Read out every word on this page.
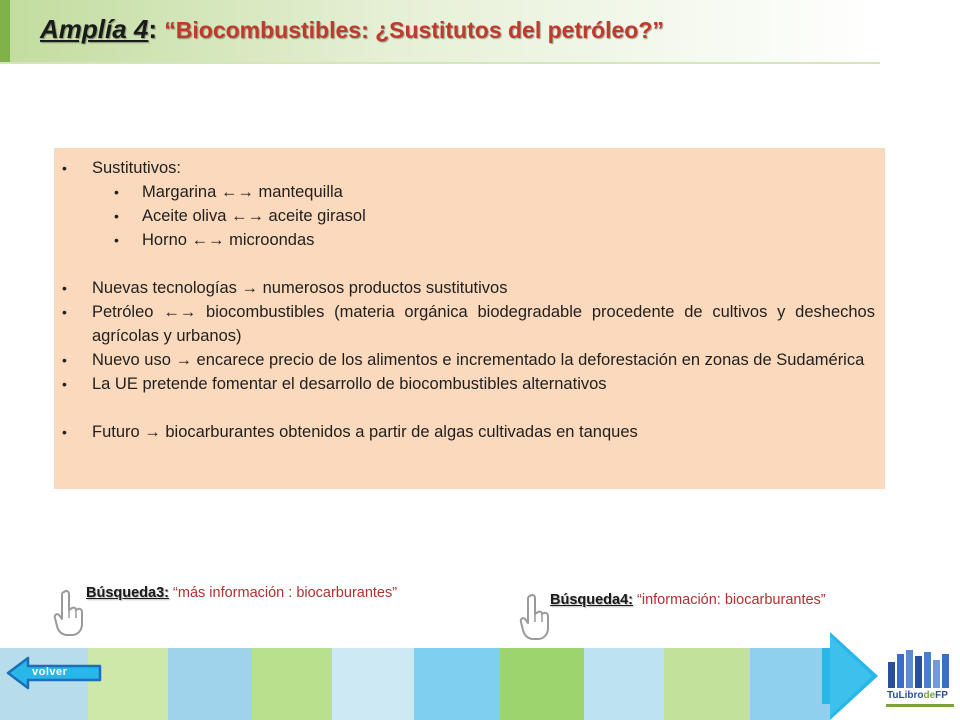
Amplía 4: “Biocombustibles: ¿Sustitutos del petróleo?”
• Sustitutivos:
• Margarina ←→ mantequilla
• Aceite oliva ←→ aceite girasol
• Horno ←→ microondas
• Nuevas tecnologías → numerosos productos sustitutivos
• Petróleo ←→ biocombustibles (materia orgánica biodegradable procedente de cultivos y deshechos agrícolas y urbanos)
• Nuevo uso → encarece precio de los alimentos e incrementado la deforestación en zonas de Sudamérica
• La UE pretende fomentar el desarrollo de biocombustibles alternativos
• Futuro → biocarburantes obtenidos a partir de algas cultivadas en tanques
Búsqueda3: “más información : biocarburantes”	Búsqueda4: “información: biocarburantes”
volver
TuLibrodeFP
